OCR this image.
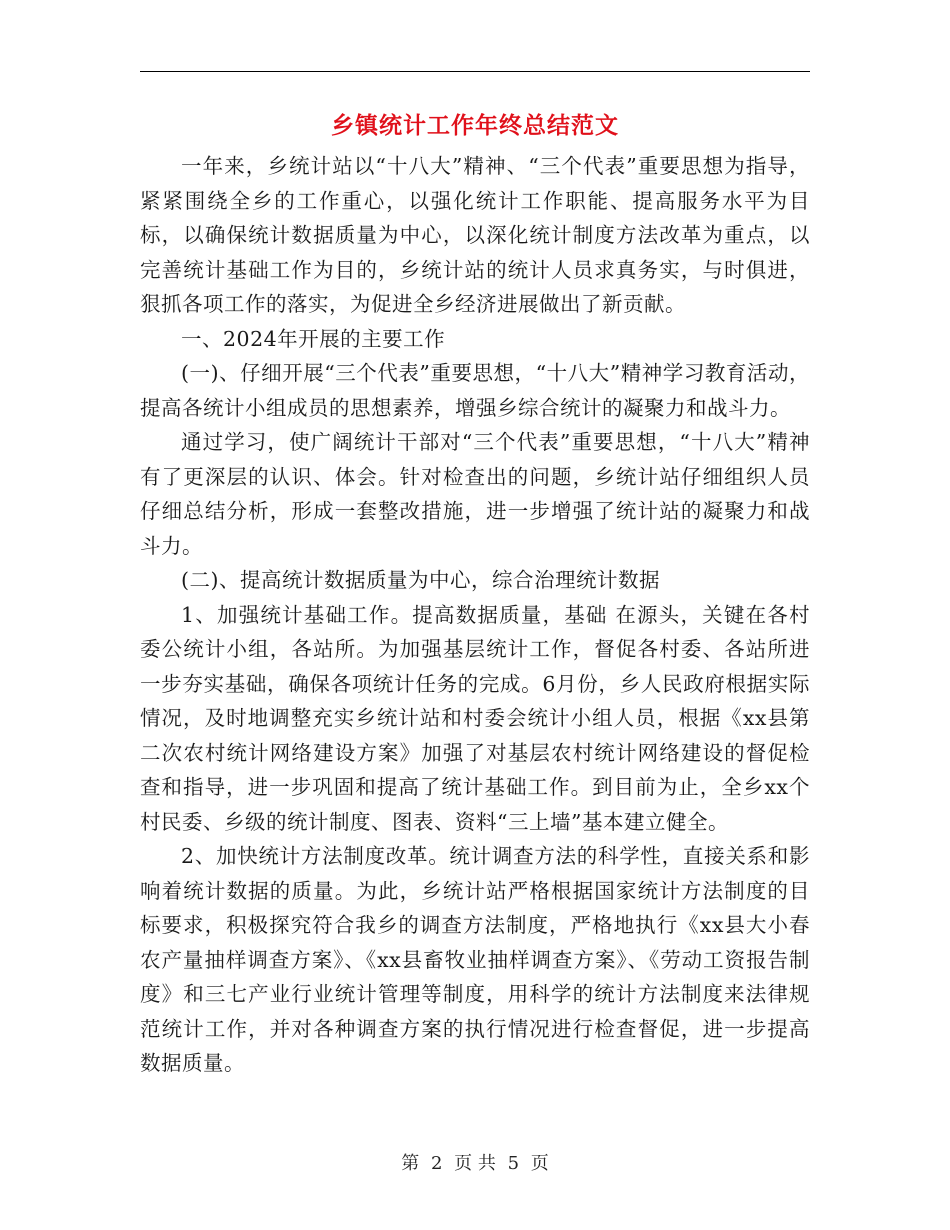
乡镇统计工作年终总结范文

一年来，乡统计站以“十八大”精神、“三个代表”重要思想为指导，紧紧围绕全乡的工作重心，以强化统计工作职能、提高服务水平为目标，以确保统计数据质量为中心，以深化统计制度方法改革为重点，以完善统计基础工作为目的，乡统计站的统计人员求真务实，与时俱进，狠抓各项工作的落实，为促进全乡经济进展做出了新贡献。

一、2024年开展的主要工作

(一)、仔细开展“三个代表”重要思想，“十八大”精神学习教育活动，提高各统计小组成员的思想素养，增强乡综合统计的凝聚力和战斗力。

通过学习，使广阔统计干部对“三个代表”重要思想，“十八大”精神有了更深层的认识、体会。针对检查出的问题，乡统计站仔细组织人员仔细总结分析，形成一套整改措施，进一步增强了统计站的凝聚力和战斗力。

(二)、提高统计数据质量为中心，综合治理统计数据

1、加强统计基础工作。提高数据质量，基础 在源头，关键在各村委公统计小组，各站所。为加强基层统计工作，督促各村委、各站所进一步夯实基础，确保各项统计任务的完成。6月份，乡人民政府根据实际情况，及时地调整充实乡统计站和村委会统计小组人员，根据《xx县第二次农村统计网络建设方案》加强了对基层农村统计网络建设的督促检查和指导，进一步巩固和提高了统计基础工作。到目前为止，全乡xx个村民委、乡级的统计制度、图表、资料“三上墙”基本建立健全。

2、加快统计方法制度改革。统计调查方法的科学性，直接关系和影响着统计数据的质量。为此，乡统计站严格根据国家统计方法制度的目标要求，积极探究符合我乡的调查方法制度，严格地执行《xx县大小春农产量抽样调查方案》、《xx县畜牧业抽样调查方案》、《劳动工资报告制度》和三七产业行业统计管理等制度，用科学的统计方法制度来法律规范统计工作，并对各种调查方案的执行情况进行检查督促，进一步提高数据质量。

第 2 页 共 5 页
